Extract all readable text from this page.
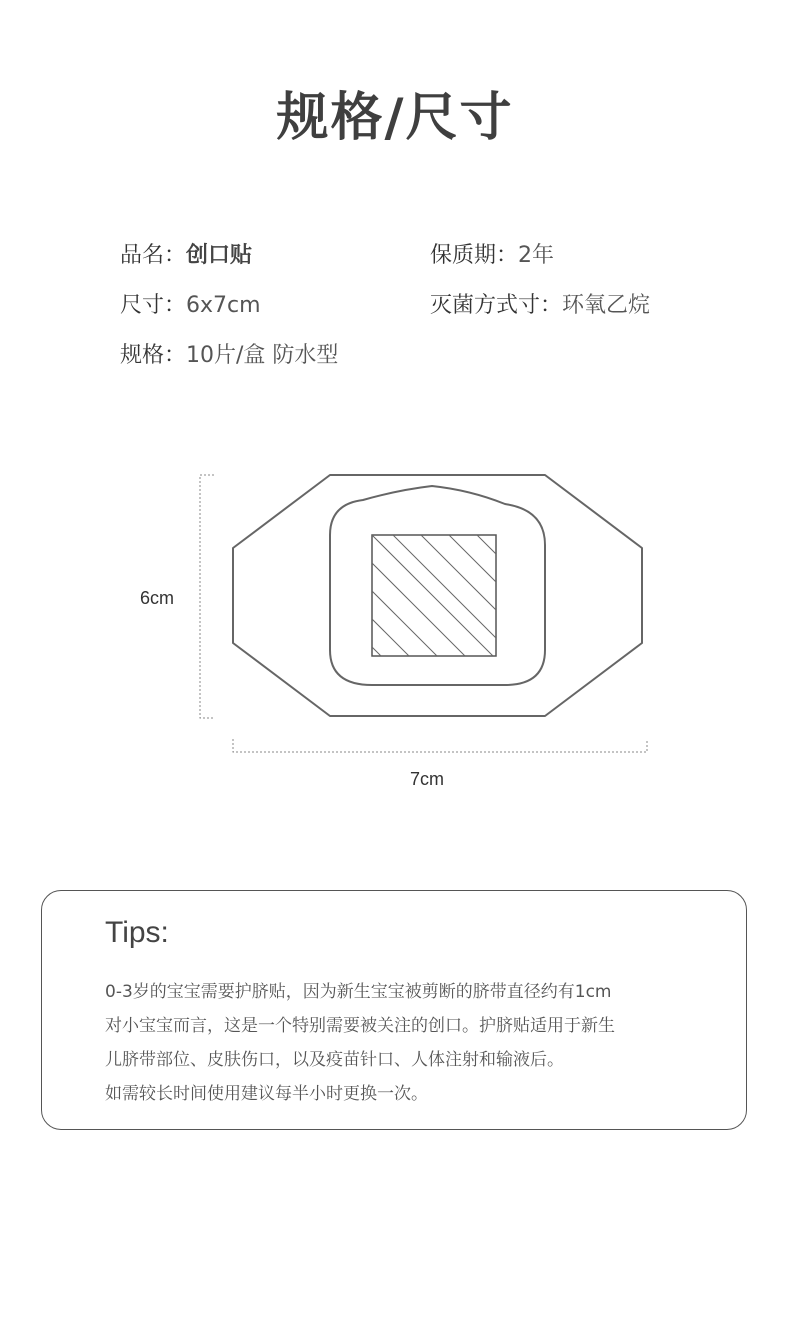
规格/尺寸
品名：创口贴	保质期：2年
尺寸：6x7cm	灭菌方式寸：环氧乙烷
规格：10片/盒 防水型
6cm
7cm
Tips:
0-3岁的宝宝需要护脐贴，因为新生宝宝被剪断的脐带直径约有1cm
对小宝宝而言，这是一个特别需要被关注的创口。护脐贴适用于新生
儿脐带部位、皮肤伤口，以及疫苗针口、人体注射和输液后。
如需较长时间使用建议每半小时更换一次。
